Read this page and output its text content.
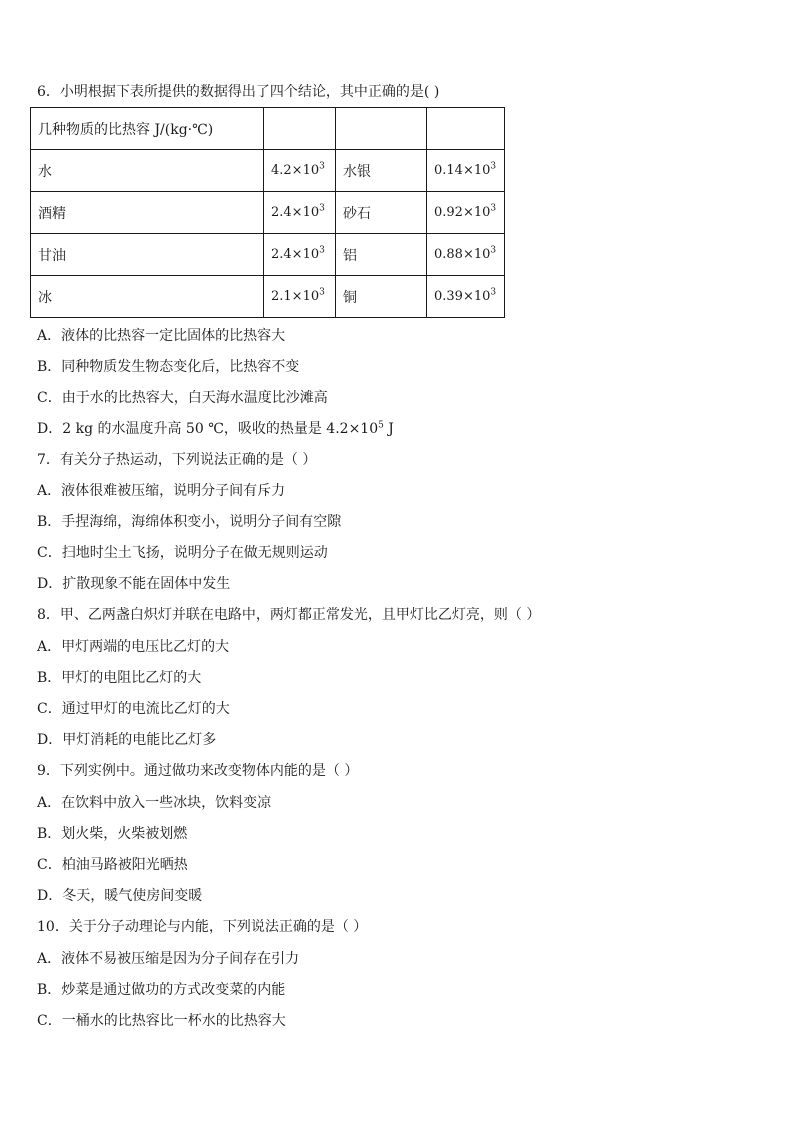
6．小明根据下表所提供的数据得出了四个结论，其中正确的是( )
几种物质的比热容 J/(kg·℃)			
水	$4.2\times 10^3$	水银	$0.14\times 10^3$
酒精	$2.4\times 10^3$	砂石	$0.92\times 10^3$
甘油	$2.4\times 10^3$	铝	$0.88\times 10^3$
冰	$2.1\times 10^3$	铜	$0.39\times 10^3$
A．液体的比热容一定比固体的比热容大
B．同种物质发生物态变化后，比热容不变
C．由于水的比热容大，白天海水温度比沙滩高
D．2 kg 的水温度升高 50 ℃，吸收的热量是 $4.2\times 10^5$ J
7．有关分子热运动，下列说法正确的是（ ）
A．液体很难被压缩，说明分子间有斥力
B．手捏海绵，海绵体积变小，说明分子间有空隙
C．扫地时尘土飞扬，说明分子在做无规则运动
D．扩散现象不能在固体中发生
8．甲、乙两盏白炽灯并联在电路中，两灯都正常发光，且甲灯比乙灯亮，则（ ）
A．甲灯两端的电压比乙灯的大
B．甲灯的电阻比乙灯的大
C．通过甲灯的电流比乙灯的大
D．甲灯消耗的电能比乙灯多
9．下列实例中。通过做功来改变物体内能的是（ ）
A．在饮料中放入一些冰块，饮料变凉
B．划火柴，火柴被划燃
C．柏油马路被阳光晒热
D．冬天，暖气使房间变暖
10．关于分子动理论与内能，下列说法正确的是（ ）
A．液体不易被压缩是因为分子间存在引力
B．炒菜是通过做功的方式改变菜的内能
C．一桶水的比热容比一杯水的比热容大
